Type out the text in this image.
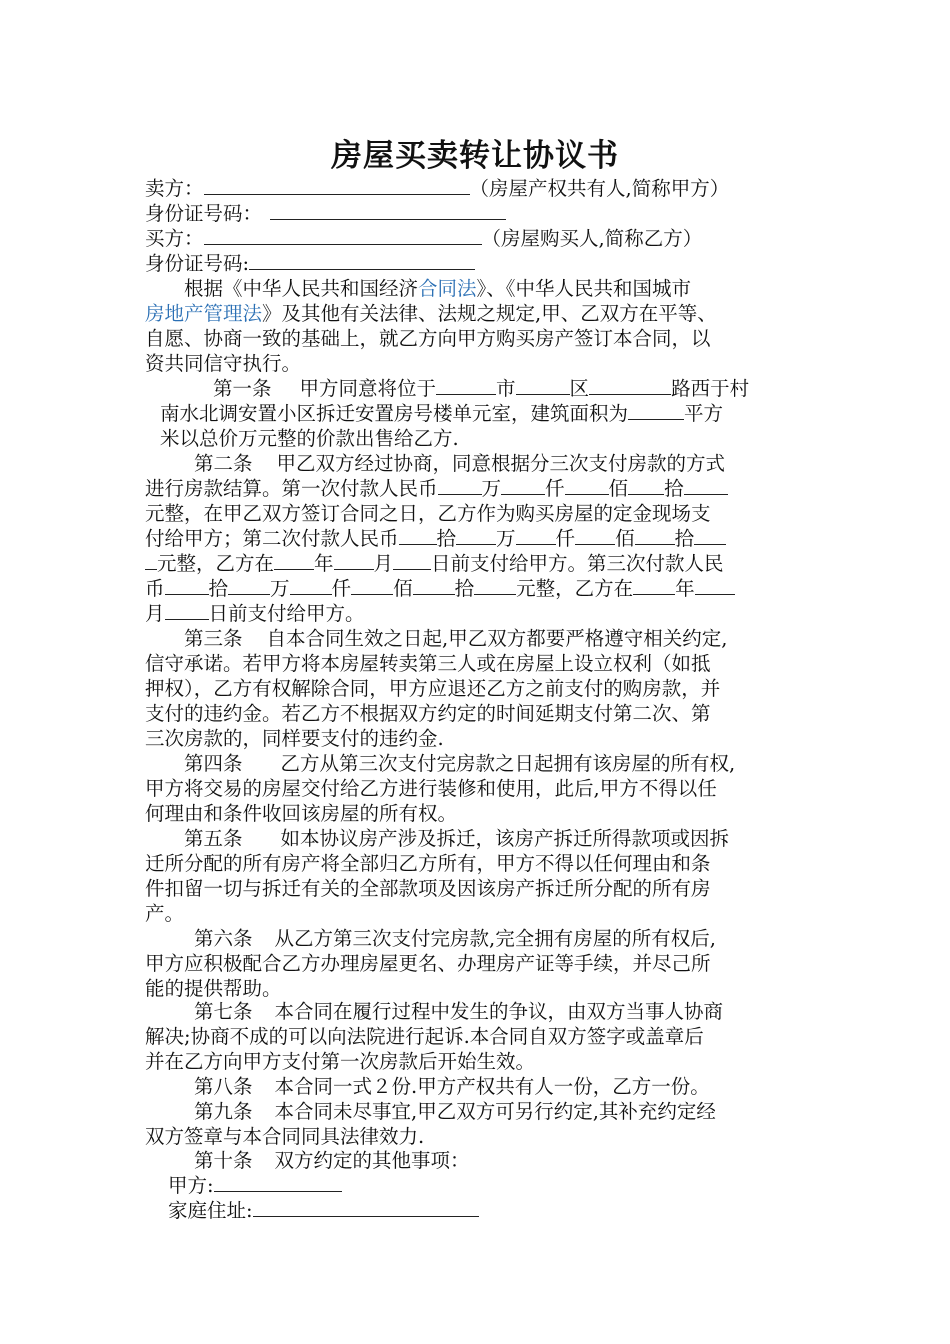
房屋买卖转让协议书
卖方：	（房屋产权共有人,简称甲方）
身份证号码：
买方：	（房屋购买人,简称乙方）
身份证号码:
根据《中华人民共和国经济合同法》、《中华人民共和国城市
房地产管理法》及其他有关法律、法规之规定,甲、乙双方在平等、
自愿、协商一致的基础上，就乙方向甲方购买房产签订本合同，以
资共同信守执行。
第一条 甲方同意将位于	市	区	路西于村
南水北调安置小区拆迁安置房号楼单元室，建筑面积为	平方
米以总价万元整的价款出售给乙方.
第二条 甲乙双方经过协商，同意根据分三次支付房款的方式
进行房款结算。第一次付款人民币 万 仟 佰 拾
元整，在甲乙双方签订合同之日，乙方作为购买房屋的定金现场支
付给甲方；第二次付款人民币 拾 万 仟 佰 拾
元整，乙方在 年 月 日前支付给甲方。第三次付款人民
币 拾 万 仟 佰 拾 元整，乙方在 年
月 日前支付给甲方。
第三条 自本合同生效之日起,甲乙双方都要严格遵守相关约定,
信守承诺。若甲方将本房屋转卖第三人或在房屋上设立权利（如抵
押权），乙方有权解除合同，甲方应退还乙方之前支付的购房款，并
支付的违约金。若乙方不根据双方约定的时间延期支付第二次、第
三次房款的，同样要支付的违约金.
第四条 乙方从第三次支付完房款之日起拥有该房屋的所有权,
甲方将交易的房屋交付给乙方进行装修和使用，此后,甲方不得以任
何理由和条件收回该房屋的所有权。
第五条 如本协议房产涉及拆迁，该房产拆迁所得款项或因拆
迁所分配的所有房产将全部归乙方所有，甲方不得以任何理由和条
件扣留一切与拆迁有关的全部款项及因该房产拆迁所分配的所有房
产。
第六条 从乙方第三次支付完房款,完全拥有房屋的所有权后,
甲方应积极配合乙方办理房屋更名、办理房产证等手续，并尽己所
能的提供帮助。
第七条 本合同在履行过程中发生的争议，由双方当事人协商
解决;协商不成的可以向法院进行起诉.本合同自双方签字或盖章后
并在乙方向甲方支付第一次房款后开始生效。
第八条 本合同一式２份.甲方产权共有人一份，乙方一份。
第九条 本合同未尽事宜,甲乙双方可另行约定,其补充约定经
双方签章与本合同同具法律效力.
第十条 双方约定的其他事项：
甲方:
家庭住址:
